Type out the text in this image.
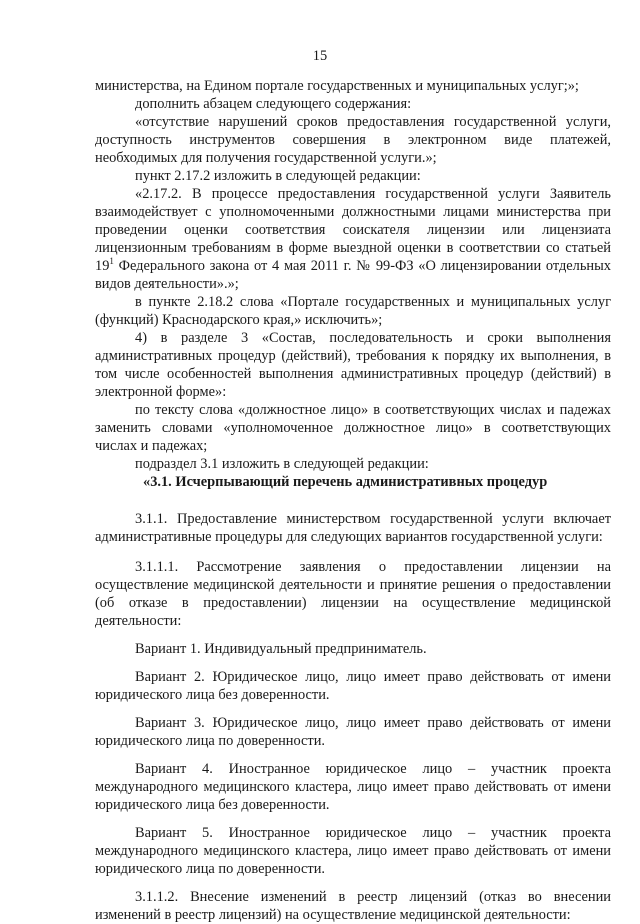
15

министерства, на Едином портале государственных и муниципальных услуг;»;

дополнить абзацем следующего содержания:

«отсутствие нарушений сроков предоставления государственной услуги, доступность инструментов совершения в электронном виде платежей, необходимых для получения государственной услуги.»;

пункт 2.17.2 изложить в следующей редакции:

«2.17.2. В процессе предоставления государственной услуги Заявитель взаимодействует с уполномоченными должностными лицами министерства при проведении оценки соответствия соискателя лицензии или лицензиата лицензионным требованиям в форме выездной оценки в соответствии со статьей $19^1$ Федерального закона от 4 мая 2011 г. № 99-ФЗ «О лицензировании отдельных видов деятельности».»;

в пункте 2.18.2 слова «Портале государственных и муниципальных услуг (функций) Краснодарского края,» исключить»;

4) в разделе 3 «Состав, последовательность и сроки выполнения административных процедур (действий), требования к порядку их выполнения, в том числе особенностей выполнения административных процедур (действий) в электронной форме»:

по тексту слова «должностное лицо» в соответствующих числах и падежах заменить словами «уполномоченное должностное лицо» в соответствующих числах и падежах;

подраздел 3.1 изложить в следующей редакции:

«3.1. Исчерпывающий перечень административных процедур

3.1.1. Предоставление министерством государственной услуги включает административные процедуры для следующих вариантов государственной услуги:

3.1.1.1. Рассмотрение заявления о предоставлении лицензии на осуществление медицинской деятельности и принятие решения о предоставлении (об отказе в предоставлении) лицензии на осуществление медицинской деятельности:

Вариант 1. Индивидуальный предприниматель.

Вариант 2. Юридическое лицо, лицо имеет право действовать от имени юридического лица без доверенности.

Вариант 3. Юридическое лицо, лицо имеет право действовать от имени юридического лица по доверенности.

Вариант 4. Иностранное юридическое лицо – участник проекта международного медицинского кластера, лицо имеет право действовать от имени юридического лица без доверенности.

Вариант 5. Иностранное юридическое лицо – участник проекта международного медицинского кластера, лицо имеет право действовать от имени юридического лица по доверенности.

3.1.1.2. Внесение изменений в реестр лицензий (отказ во внесении изменений в реестр лицензий) на осуществление медицинской деятельности:
